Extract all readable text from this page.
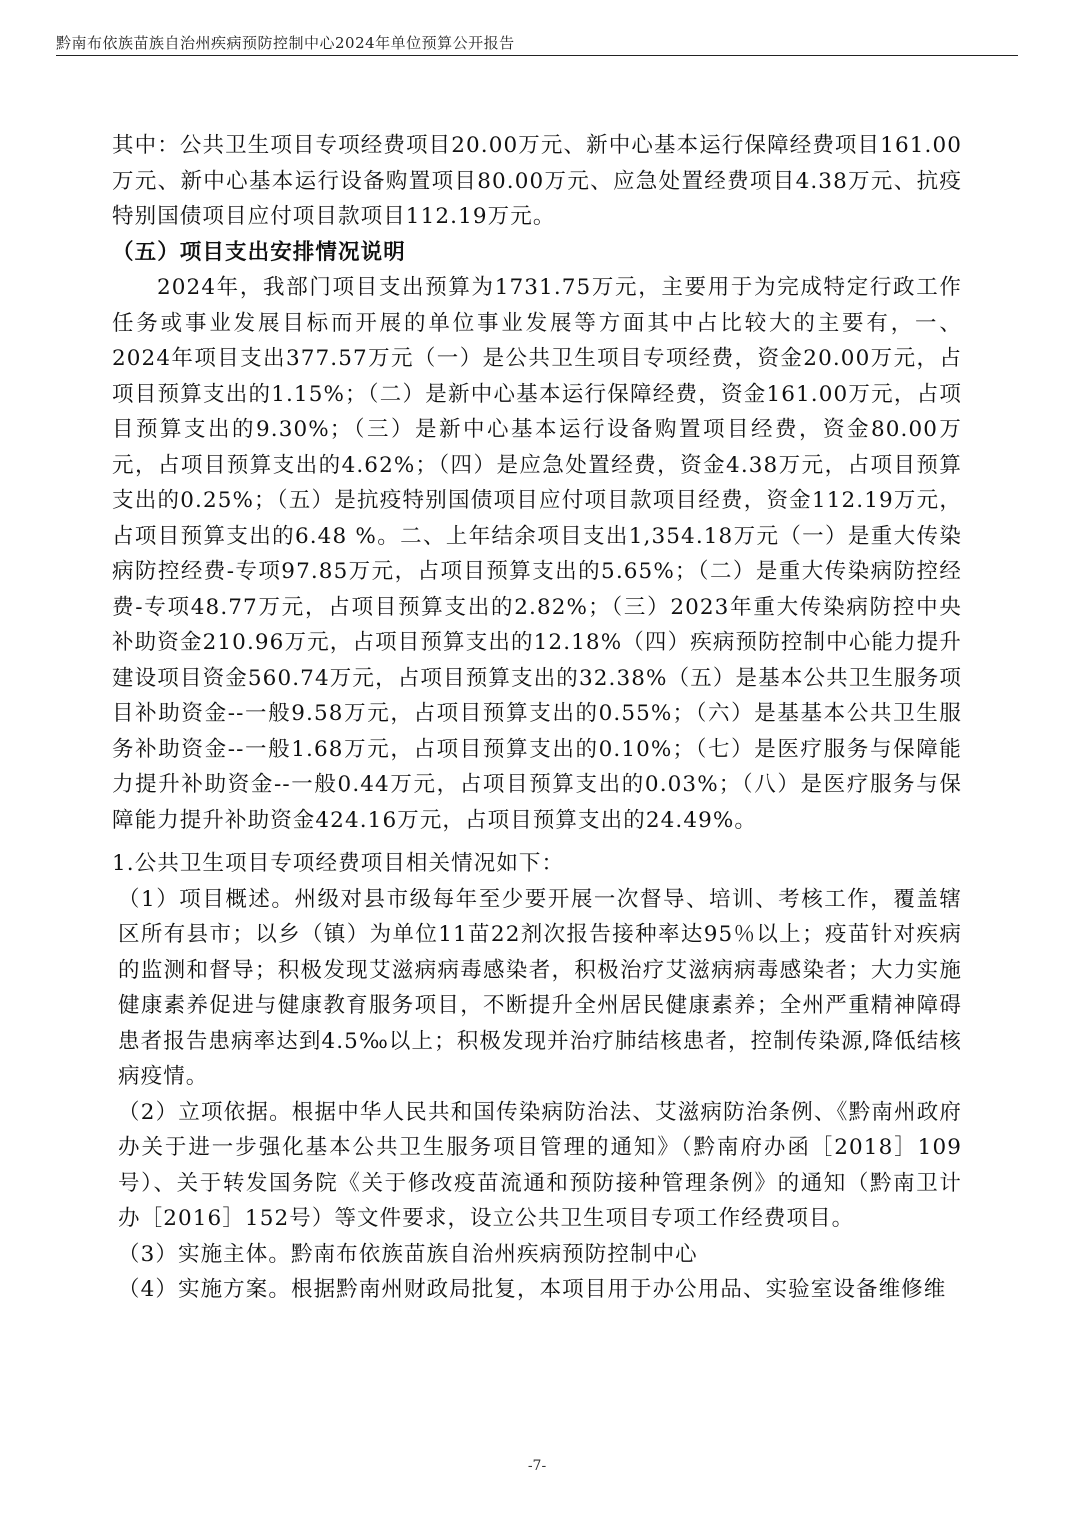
黔南布依族苗族自治州疾病预防控制中心2024年单位预算公开报告

其中：公共卫生项目专项经费项目20.00万元、新中心基本运行保障经费项目161.00万元、新中心基本运行设备购置项目80.00万元、应急处置经费项目4.38万元、抗疫特别国债项目应付项目款项目112.19万元。

（五）项目支出安排情况说明

2024年，我部门项目支出预算为1731.75万元，主要用于为完成特定行政工作任务或事业发展目标而开展的单位事业发展等方面其中占比较大的主要有，一、2024年项目支出377.57万元（一）是公共卫生项目专项经费，资金20.00万元，占项目预算支出的1.15%；（二）是新中心基本运行保障经费，资金161.00万元，占项目预算支出的9.30%；（三）是新中心基本运行设备购置项目经费，资金80.00万元，占项目预算支出的4.62%；（四）是应急处置经费，资金4.38万元，占项目预算支出的0.25%；（五）是抗疫特别国债项目应付项目款项目经费，资金112.19万元，占项目预算支出的6.48 %。二、上年结余项目支出1,354.18万元（一）是重大传染病防控经费-专项97.85万元，占项目预算支出的5.65%；（二）是重大传染病防控经费-专项48.77万元，占项目预算支出的2.82%；（三）2023年重大传染病防控中央补助资金210.96万元，占项目预算支出的12.18%（四）疾病预防控制中心能力提升建设项目资金560.74万元，占项目预算支出的32.38%（五）是基本公共卫生服务项目补助资金--一般9.58万元，占项目预算支出的0.55%；（六）是基基本公共卫生服务补助资金--一般1.68万元，占项目预算支出的0.10%；（七）是医疗服务与保障能力提升补助资金--一般0.44万元，占项目预算支出的0.03%；（八）是医疗服务与保障能力提升补助资金424.16万元，占项目预算支出的24.49%。

1.公共卫生项目专项经费项目相关情况如下：

（1）项目概述。州级对县市级每年至少要开展一次督导、培训、考核工作，覆盖辖区所有县市；以乡（镇）为单位11苗22剂次报告接种率达95％以上；疫苗针对疾病的监测和督导；积极发现艾滋病病毒感染者，积极治疗艾滋病病毒感染者；大力实施健康素养促进与健康教育服务项目，不断提升全州居民健康素养；全州严重精神障碍患者报告患病率达到4.5‰以上；积极发现并治疗肺结核患者，控制传染源,降低结核病疫情。

（2）立项依据。根据中华人民共和国传染病防治法、艾滋病防治条例、《黔南州政府办关于进一步强化基本公共卫生服务项目管理的通知》（黔南府办函［2018］109号）、关于转发国务院《关于修改疫苗流通和预防接种管理条例》的通知（黔南卫计办［2016］152号）等文件要求，设立公共卫生项目专项工作经费项目。

（3）实施主体。黔南布依族苗族自治州疾病预防控制中心

（4）实施方案。根据黔南州财政局批复，本项目用于办公用品、实验室设备维修维

-7-
